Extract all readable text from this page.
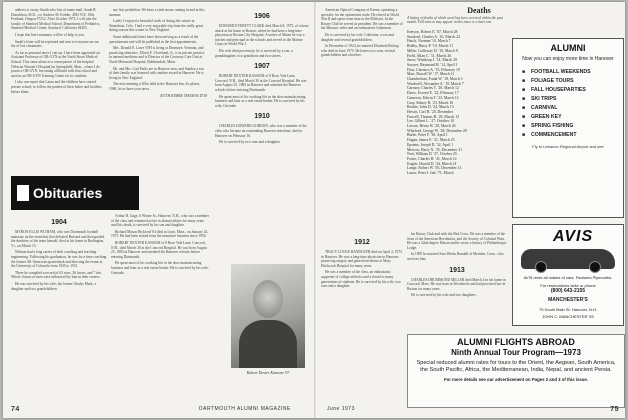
address is on my Smith who first of many mail. Sarah R. Donaldson, M.D., c/o Andrew M. Kidder, 4925 N.E. 19th, Portland, Oregon 97212. After October 1973, I will join the faculty of Stanford Medical School, Department of Pediatrics, Stanford Medical Center, Stanford, California 94305.

I hope this brief summary will be of help to you.

Sarah's letter will be reprinted and sent to everyone on our list of lost classmates.

As far as personal news I can say I have been appointed an Assistant Professor of OB-GYN at the North Shore Medical School. This came about as a consequence of the hospital (Wesson Women's Hospital) in Springfield, Mass., where I do practice OB-GYN, becoming affiliated with that school and used as an OB-GYN Training Center for its students.

I also can report that Laura and the children have started private school; to follow the pattern of their father and brothers before them.

my first perihelion. We have a sixth moon coming in and in this summer.

Lately I enjoyed a beautiful week of skiing this winter at Steamboat, Colo. I had a very enjoyable trip from the really great skiing season this winter in New England.

Some additional letters have been arriving as a result of the questionnaire and will be published in the first appointments.

Mrs. Donald E. Laser '67H is living at Dunmore, Vermont, and practicing obstetrics. Elliott E. Cleveland, Jr., is in private practice in internal medicine and is Director of the Coronary Care Unit at North Memorial Hospital, Robbinsdale, Minn.

Mr. and Mrs. Carl Parks are in Hanover now, and Stanley a son of their family was honored with another award in Hanover. He is living in New England.

The next meeting will be held at the Hanover Inn. So please, 1968, let us have your news.

RUTH KIMBE THOMAS D'38
Obituaries
1904

MYRON ELLIS WITHAM, who was Dartmouth football mainstay on the team that first defeated Harvard and then guided the destinies of the team himself, died at his home in Burlington, Vt., on March 15.

Witham had a long career of both coaching and teaching engineering. Following his graduation, he was for a time coaching the former All-American quarterback and directing the teams at the University of Colorado from 1920 to 1931.

There he compiled a record of 63 wins, 26 losses, and 7 ties. Whole classes of men were influenced by him in their careers.

He was survived by his wife, the former Gladys Mark, a daughter and two grandchildren.

Arthur H. Gage, 6 Winter St., Hanover, N.H., who was a member of the class and remained active in alumni affairs for many years until his death, is survived by his son and daughter.

Richard Mason Bickford '04 died in Lynn, Mass., on January 24, 1973. He had been retired from the insurance business since 1950.

ROBERT DEXTER KANSOM of 8 Rose Vale Lane, Concord, N.H., died March 30 at the Concord Hospital. He was born August 25, 1883 in Hanover and attended the Hanover schools before entering Dartmouth.

He spent most of his working life in the shoe manufacturing business and later as a real estate broker. He is survived by his wife, Gertrude.

1906

EDWARD EVERETT CLARK died March 8, 1973, of a heart attack at his home in Boston, where he had been a long-time physician at Boston City Hospital. A native of Maine he was a teacher and principal in the schools and served in the Marine Corps in World War I.

His wife died previously; he is survived by a son, a granddaughter, two grandsons and two sisters.

1907

ROBERT DEXTER KANSOM of 8 Rose Vale Lane, Concord, N.H., died March 30 at the Concord Hospital. He was born August 25, 1883 in Hanover and attended the Hanover schools before entering Dartmouth.

He spent most of his working life in the shoe manufacturing business and later as a real estate broker. He is survived by his wife, Gertrude.

1910

CHARLES EDWARD GORDON, who was a member of the class who became an outstanding Hanover merchant, died in Hanover on February 16.

He is survived by two sons and a daughter.

Robert Dexter Kansom '07
74	DARTMOUTH ALUMNI MAGAZINE

American Optical Company of Keene, operating a specialty for the optometrist trade. He retired in World War II and spent some time in the Midwest. In the Rotary Club he served as president. He was a member of the Masonic order and an enthusiastic fisherman.

He is survived by his wife, Catherine, a son and daughter and several grandchildren.

In December of 1924, he married Elizabeth Bishop, who died in June 1970. He leaves two sons, several grandchildren and a brother.

1912

TRACY LOCKE RANDOLPH died on April 2, 1973 in Hanover. He was a long-time physician in Hanover, practicing surgery and general medicine at Mary Hitchcock Hospital for many years.

He was a member of the class, an enthusiastic supporter of college athletics and a friend to many generations of students. He is survived by his wife, two sons and a daughter.

Deaths
A listing of deaths of which word has been received within the past month. Full notices may appear in this issue or a later one.
Kenyon, Robert E. '07, March 28
Stanford, Charles A. '10, March 22
Hatch, Norman '10, March 7
Ridley, Harry P. '10, March 11
Miller, Galloway D. '10, March 9
Field, Allan C. '11, March 26
Snow, Winthrop J. '14, March 29
Sawyer, Raymond H. '14, April 1
Dow, Clarence A. '15, February 19
Marr, Russell W. '17, March 11
Chamberlain, Frank W. '18, March 3
Wardwell, Alexander A. '19, March 7
Garnsey, Charles T. '20, March 12
Davis, Everett E. '22, February 17
Cameron, Edwin T. '23, March 14
Gray, Sidney R. '23, March 16
Ritchie, John D. '24, March 13
Hewitt, Carl R. '25, December
Farwell, Thomas B. '26, March 13
Lee, Gilbert L. '27, October 10
Larson, Henry H. '28, March 26
Whitford, George W. '28, December 28
Butler, Peter F. '30, April 1
Dugan, James E. '31, March 25
Epstein, Joseph D. '32, April 1
Merrow, Harry N. '35, December 31
Nott, William D. '37, October 25
Foster, Charles H. '41, March 14
Kugler, Harold D. '44, March 14
Lange, Robert W. '50, December 13
Lance, Peter J. Ind. '71, March

his Rotary Club and with the Red Cross. He was a member of the Sons of the American Revolution, and the Society of Colonial Wars. He was a 32nd degree Mason and he wrote a history of Philanthropic Lodge.

In 1909 he married Sara Weeks Randall of Meriden, Conn., who survives him.

1913

CHARLES DRUMMOND MILLER died March 4 in his home in Concord, Mass. He was born in Woodstock and had practiced law in Boston for many years.

He is survived by his wife and two daughters.

ALUMNI
Now you can enjoy more time in Hanover
■ FOOTBALL WEEKENDS
■ FOLIAGE TOURS
■ FALL HOUSEPARTIES
■ SKI TRIPS
■ CARNIVAL
■ GREEN KEY
■ SPRING FISHING
■ COMMENCEMENT
Fly to Lebanon Regional Airport and see
AVIS
AVIS rents all makes of cars. Features Plymouths.
For reservations write or phone
(800) 643-2155
MANCHESTER'S
75 South Main St. Hanover, N.H.
JOHN C. MANCHESTER '55
ALUMNI FLIGHTS ABROAD
Ninth Annual Tour Program—1973
Special reduced alumni rates for tours to the Orient, the Aegean, South America, the South Pacific, Africa, the Mediterranean, India, Nepal, and ancient Persia.
For more details see our advertisement on Pages 2 and 3 of this issue.
June 1973	75
